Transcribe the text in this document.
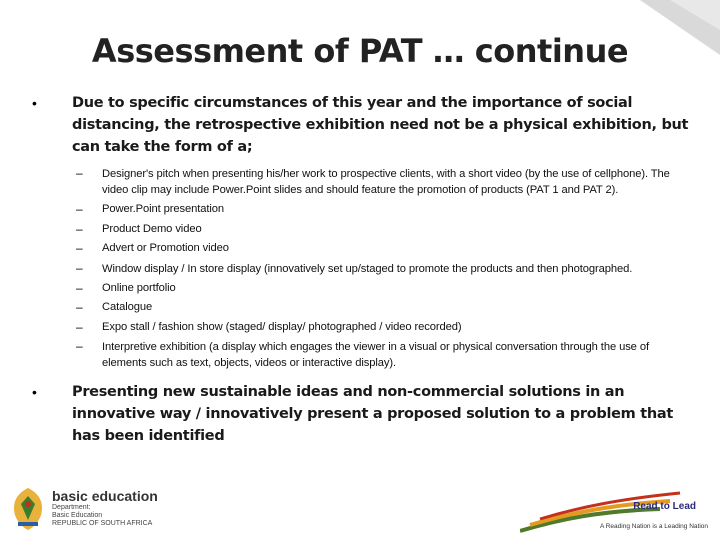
Assessment of PAT … continue
•	Due to specific circumstances of this year and the importance of social distancing, the retrospective exhibition need not be a physical exhibition, but can take the form of a;
–	Designer's pitch when presenting his/her work to prospective clients, with a short video (by the use of cellphone). The video clip may include Power.Point slides and should feature the promotion of products (PAT 1 and PAT 2).
–	Power.Point presentation
–	Product Demo video
–	Advert or Promotion video
–	Window display / In store display (innovatively set up/staged to promote the products and then photographed.
–	Online portfolio
–	Catalogue
–	Expo stall / fashion show (staged/ display/ photographed / video recorded)
–	Interpretive exhibition (a display which engages the viewer in a visual or physical conversation through the use of elements such as text, objects, videos or interactive display).
•	Presenting new sustainable ideas and non-commercial solutions in an innovative way / innovatively present a proposed solution to a problem that has been identified
basic education
Department:
Basic Education
REPUBLIC OF SOUTH AFRICA
Read to Lead
A Reading Nation is a Leading Nation
